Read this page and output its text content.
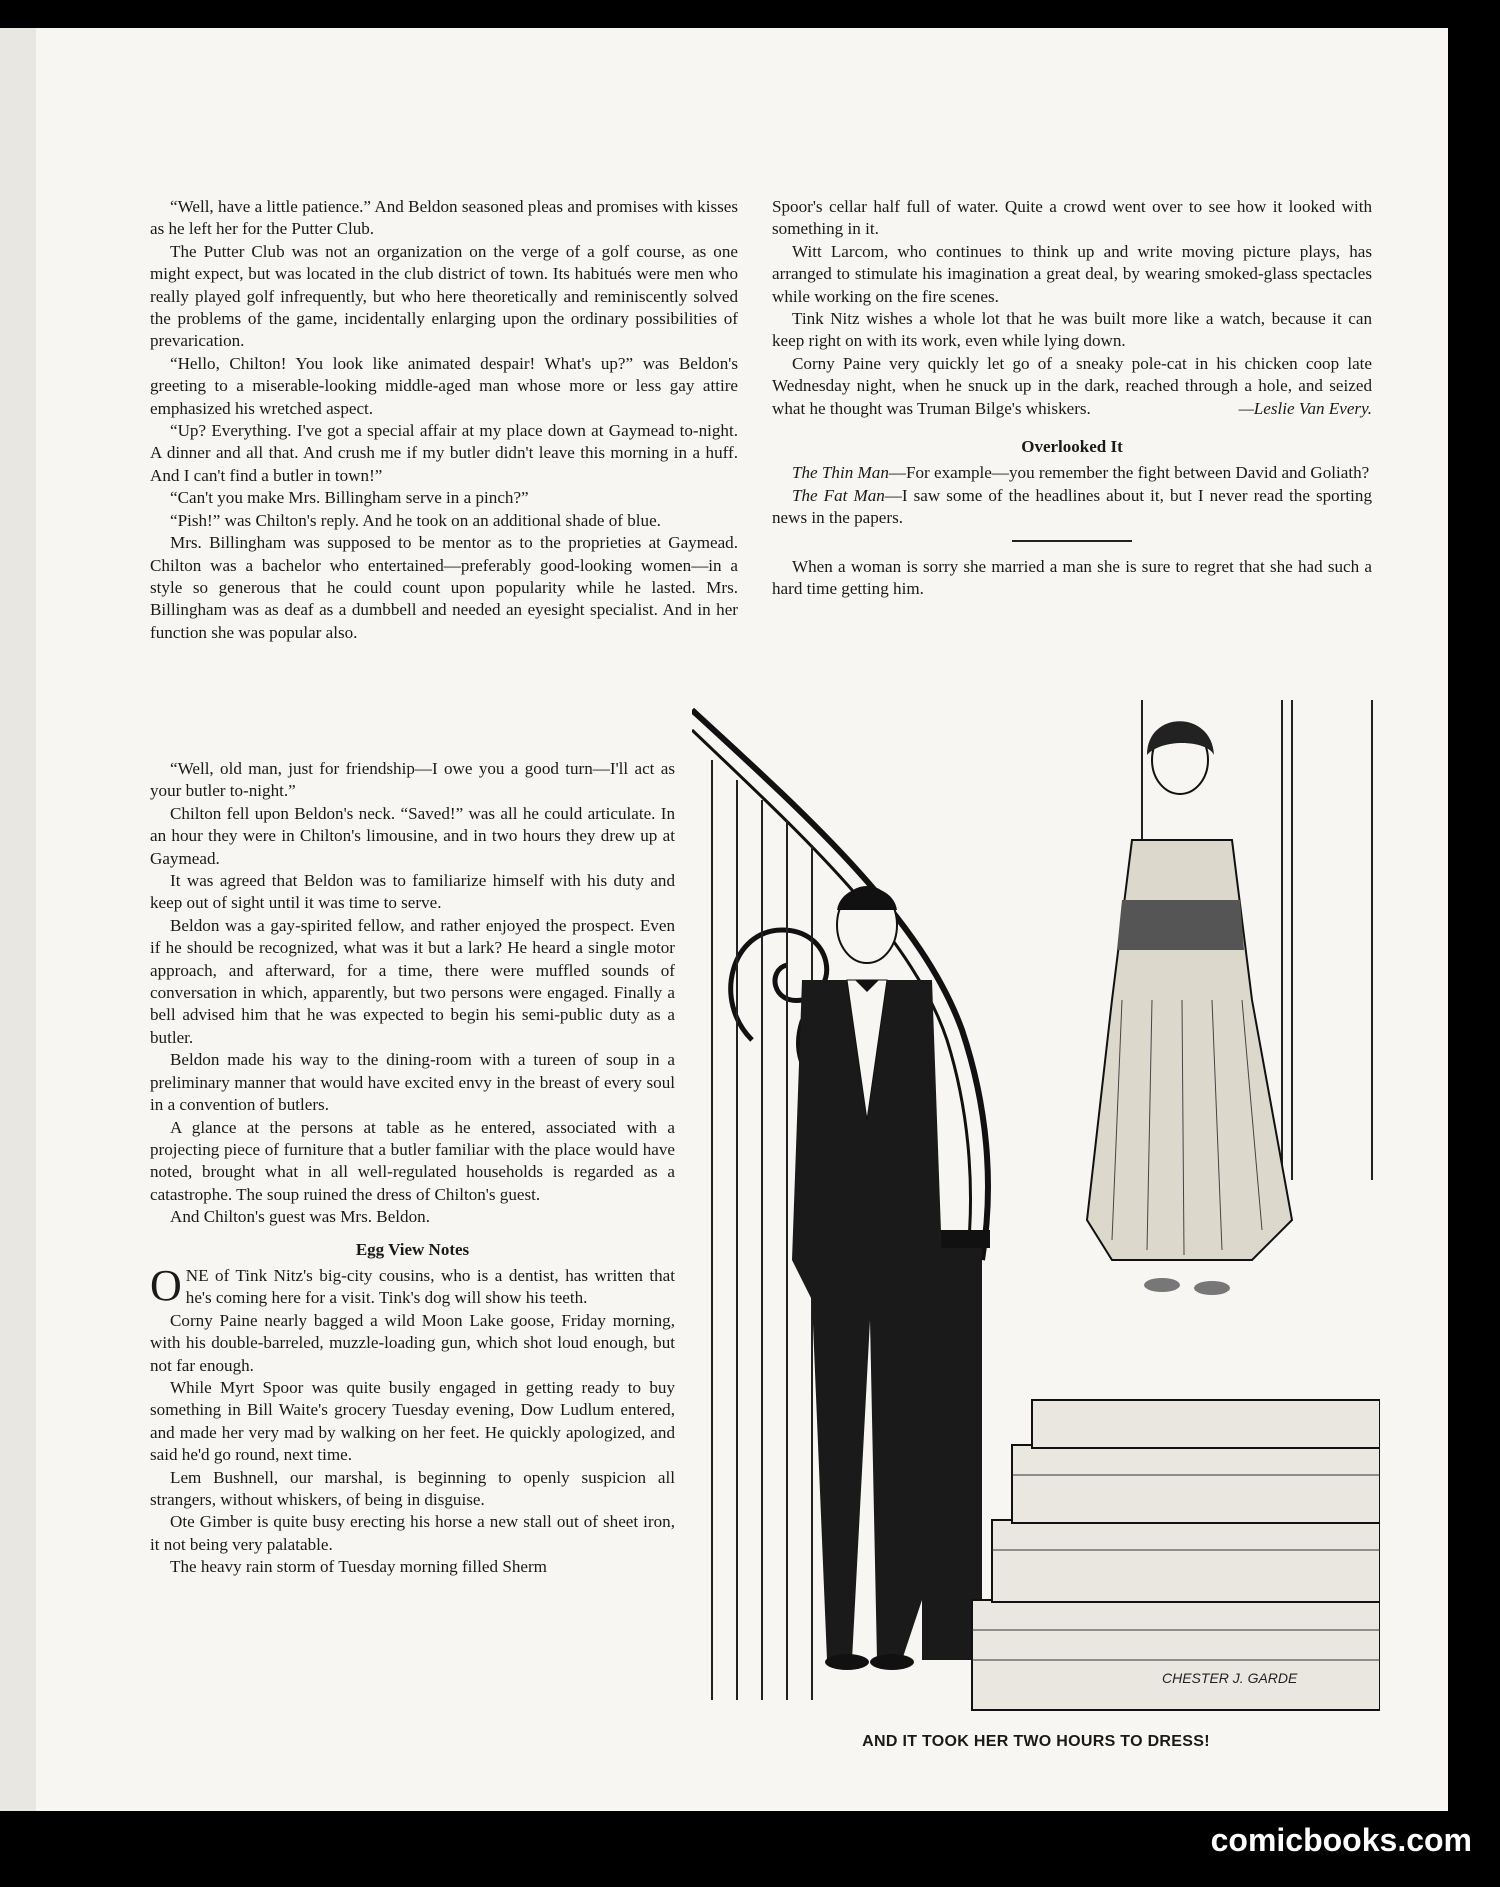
“Well, have a little patience.” And Beldon seasoned pleas and promises with kisses as he left her for the Putter Club.

The Putter Club was not an organization on the verge of a golf course, as one might expect, but was located in the club district of town. Its habitués were men who really played golf infrequently, but who here theoretically and reminiscently solved the problems of the game, incidentally enlarging upon the ordinary possibilities of prevarication.

“Hello, Chilton! You look like animated despair! What's up?” was Beldon's greeting to a miserable-looking middle-aged man whose more or less gay attire emphasized his wretched aspect.

“Up? Everything. I've got a special affair at my place down at Gaymead to-night. A dinner and all that. And crush me if my butler didn't leave this morning in a huff. And I can't find a butler in town!”

“Can't you make Mrs. Billingham serve in a pinch?”

“Pish!” was Chilton's reply. And he took on an additional shade of blue.

Mrs. Billingham was supposed to be mentor as to the proprieties at Gaymead. Chilton was a bachelor who entertained—preferably good-looking women—in a style so generous that he could count upon popularity while he lasted. Mrs. Billingham was as deaf as a dumbbell and needed an eyesight specialist. And in her function she was popular also.

“Well, old man, just for friendship—I owe you a good turn—I'll act as your butler to-night.”

Chilton fell upon Beldon's neck. “Saved!” was all he could articulate. In an hour they were in Chilton's limousine, and in two hours they drew up at Gaymead.

It was agreed that Beldon was to familiarize himself with his duty and keep out of sight until it was time to serve.

Beldon was a gay-spirited fellow, and rather enjoyed the prospect. Even if he should be recognized, what was it but a lark? He heard a single motor approach, and afterward, for a time, there were muffled sounds of conversation in which, apparently, but two persons were engaged. Finally a bell advised him that he was expected to begin his semi-public duty as a butler.

Beldon made his way to the dining-room with a tureen of soup in a preliminary manner that would have excited envy in the breast of every soul in a convention of butlers.

A glance at the persons at table as he entered, associated with a projecting piece of furniture that a butler familiar with the place would have noted, brought what in all well-regulated households is regarded as a catastrophe. The soup ruined the dress of Chilton's guest.

And Chilton's guest was Mrs. Beldon.

Egg View Notes

ONE of Tink Nitz's big-city cousins, who is a dentist, has written that he's coming here for a visit. Tink's dog will show his teeth.

Corny Paine nearly bagged a wild Moon Lake goose, Friday morning, with his double-barreled, muzzle-loading gun, which shot loud enough, but not far enough.

While Myrt Spoor was quite busily engaged in getting ready to buy something in Bill Waite's grocery Tuesday evening, Dow Ludlum entered, and made her very mad by walking on her feet. He quickly apologized, and said he'd go round, next time.

Lem Bushnell, our marshal, is beginning to openly suspicion all strangers, without whiskers, of being in disguise.

Ote Gimber is quite busy erecting his horse a new stall out of sheet iron, it not being very palatable.

The heavy rain storm of Tuesday morning filled Sherm

Spoor's cellar half full of water. Quite a crowd went over to see how it looked with something in it.

Witt Larcom, who continues to think up and write moving picture plays, has arranged to stimulate his imagination a great deal, by wearing smoked-glass spectacles while working on the fire scenes.

Tink Nitz wishes a whole lot that he was built more like a watch, because it can keep right on with its work, even while lying down.

Corny Paine very quickly let go of a sneaky pole-cat in his chicken coop late Wednesday night, when he snuck up in the dark, reached through a hole, and seized what he thought was Truman Bilge's whiskers.	—Leslie Van Every.

Overlooked It

The Thin Man—For example—you remember the fight between David and Goliath?

The Fat Man—I saw some of the headlines about it, but I never read the sporting news in the papers.

When a woman is sorry she married a man she is sure to regret that she had such a hard time getting him.

CHESTER J. GARDE
AND IT TOOK HER TWO HOURS TO DRESS!
comicbooks.com
